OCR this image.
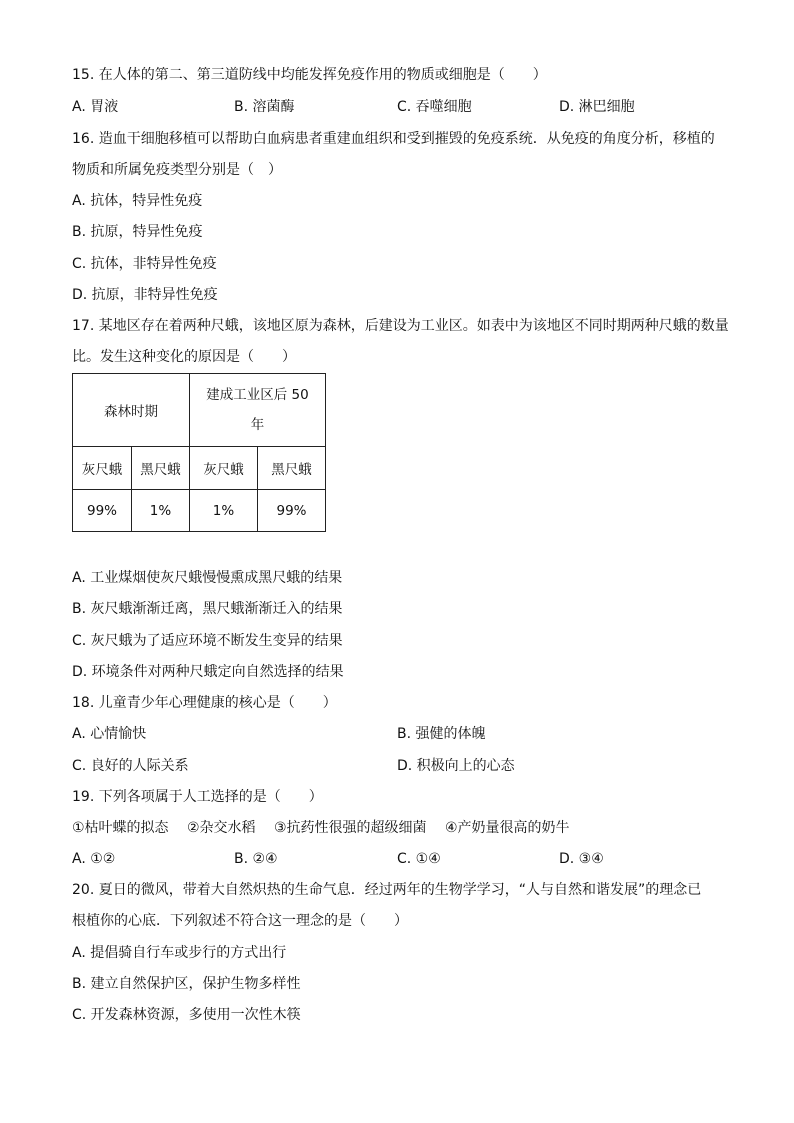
15. 在人体的第二、第三道防线中均能发挥免疫作用的物质或细胞是（　　）
A. 胃液	B. 溶菌酶	C. 吞噬细胞	D. 淋巴细胞
16. 造血干细胞移植可以帮助白血病患者重建血组织和受到摧毁的免疫系统．从免疫的角度分析，移植的
物质和所属免疫类型分别是（　）
A. 抗体，特异性免疫
B. 抗原，特异性免疫
C. 抗体，非特异性免疫
D. 抗原，非特异性免疫
17. 某地区存在着两种尺蛾，该地区原为森林，后建设为工业区。如表中为该地区不同时期两种尺蛾的数量
比。发生这种变化的原因是（　　）
森林时期		建成工业区后 50
年	

灰尺蛾	黑尺蛾	灰尺蛾	黑尺蛾
99%	1%	1%	99%
A. 工业煤烟使灰尺蛾慢慢熏成黑尺蛾的结果
B. 灰尺蛾渐渐迁离，黑尺蛾渐渐迁入的结果
C. 灰尺蛾为了适应环境不断发生变异的结果
D. 环境条件对两种尺蛾定向自然选择的结果
18. 儿童青少年心理健康的核心是（　　）
A. 心情愉快	B. 强健的体魄
C. 良好的人际关系	D. 积极向上的心态
19. 下列各项属于人工选择的是（　　）
①枯叶蝶的拟态　 ②杂交水稻　 ③抗药性很强的超级细菌　 ④产奶量很高的奶牛
A. ①②	B. ②④	C. ①④	D. ③④
20. 夏日的微风，带着大自然炽热的生命气息．经过两年的生物学学习，“人与自然和谐发展”的理念已
根植你的心底．下列叙述不符合这一理念的是（　　）
A. 提倡骑自行车或步行的方式出行
B. 建立自然保护区，保护生物多样性
C. 开发森林资源，多使用一次性木筷
